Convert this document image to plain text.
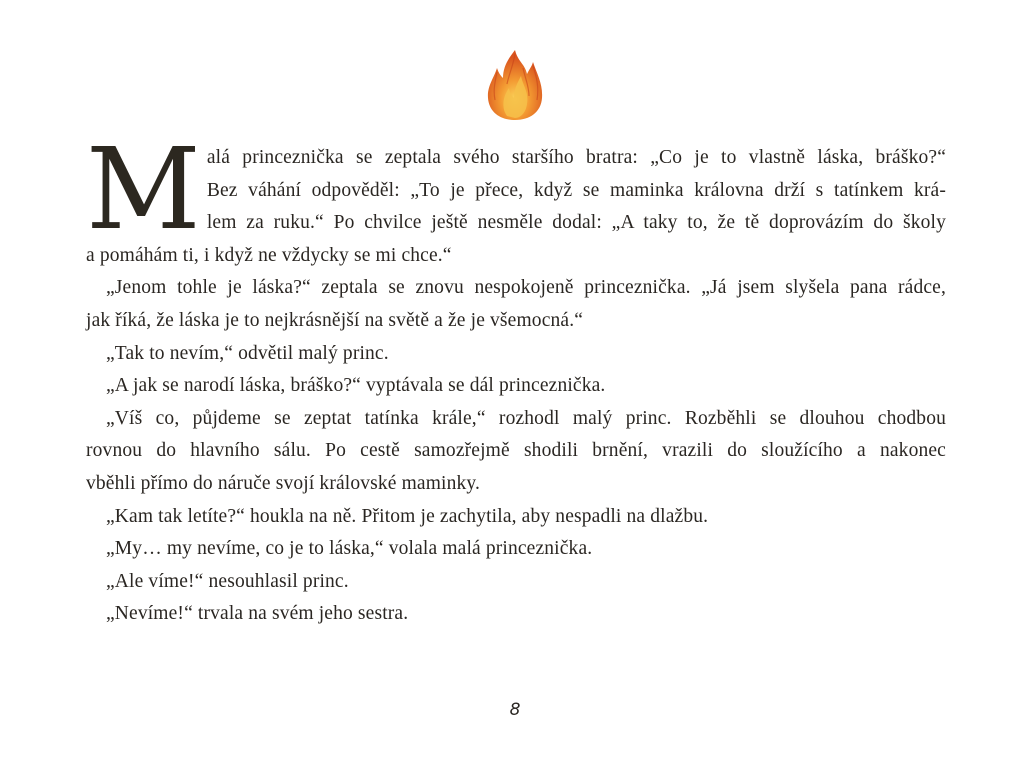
M alá princeznička se zeptala svého staršího bratra: „Co je to vlastně láska, bráško?“
Bez váhání odpověděl: „To je přece, když se maminka královna drží s tatínkem krá-
lem za ruku.“ Po chvilce ještě nesměle dodal: „A taky to, že tě doprovázím do školy
a pomáhám ti, i když ne vždycky se mi chce.“

„Jenom tohle je láska?“ zeptala se znovu nespokojeně princeznička. „Já jsem slyšela pana rádce,
jak říká, že láska je to nejkrásnější na světě a že je všemocná.“

„Tak to nevím,“ odvětil malý princ.

„A jak se narodí láska, bráško?“ vyptávala se dál princeznička.

„Víš co, půjdeme se zeptat tatínka krále,“ rozhodl malý princ. Rozběhli se dlouhou chodbou
rovnou do hlavního sálu. Po cestě samozřejmě shodili brnění, vrazili do sloužícího a nakonec
vběhli přímo do náruče svojí královské maminky.

„Kam tak letíte?“ houkla na ně. Přitom je zachytila, aby nespadli na dlažbu.

„My… my nevíme, co je to láska,“ volala malá princeznička.

„Ale víme!“ nesouhlasil princ.

„Nevíme!“ trvala na svém jeho sestra.

8
